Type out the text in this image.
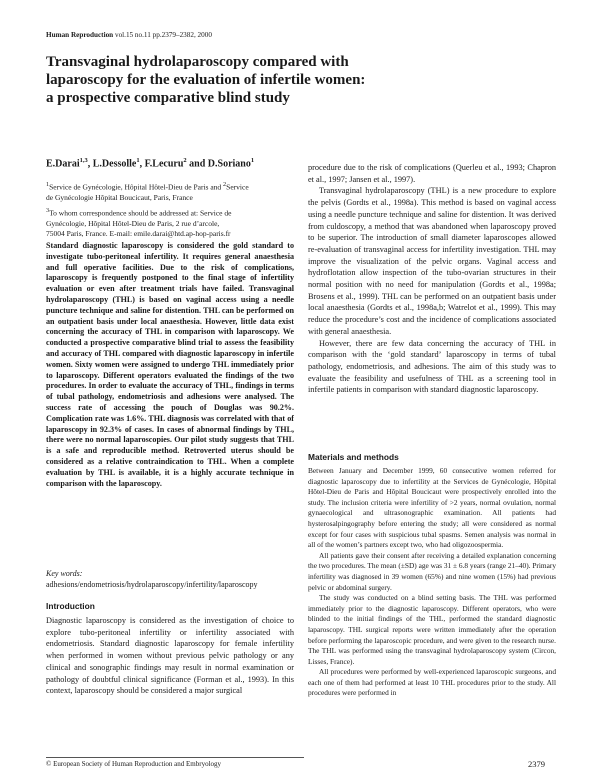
Human Reproduction vol.15 no.11 pp.2379–2382, 2000
Transvaginal hydrolaparoscopy compared with
laparoscopy for the evaluation of infertile women:
a prospective comparative blind study
E.Darai$^{1,3}$, L.Dessolle$^1$, F.Lecuru$^2$ and D.Soriano$^1$
$^1$Service de Gynécologie, Hôpital Hôtel-Dieu de Paris and $^2$Service
de Gynécologie Hôpital Boucicaut, Paris, France
$^3$To whom correspondence should be addressed at: Service de
Gynécologie, Hôpital Hôtel-Dieu de Paris, 2 rue d’arcole,
75004 Paris, France. E-mail: emile.darai@htd.ap-hop-paris.fr
Standard diagnostic laparoscopy is considered the gold standard to investigate tubo-peritoneal infertility. It requires general anaesthesia and full operative facilities. Due to the risk of complications, laparoscopy is frequently postponed to the final stage of infertility evaluation or even after treatment trials have failed. Transvaginal hydrolaparoscopy (THL) is based on vaginal access using a needle puncture technique and saline for distention. THL can be performed on an outpatient basis under local anaesthesia. However, little data exist concerning the accuracy of THL in comparison with laparoscopy. We conducted a prospective comparative blind trial to assess the feasibility and accuracy of THL compared with diagnostic laparoscopy in infertile women. Sixty women were assigned to undergo THL immediately prior to laparoscopy. Different operators evaluated the findings of the two procedures. In order to evaluate the accuracy of THL, findings in terms of tubal pathology, endometriosis and adhesions were analysed. The success rate of accessing the pouch of Douglas was 90.2%. Complication rate was 1.6%. THL diagnosis was correlated with that of laparoscopy in 92.3% of cases. In cases of abnormal findings by THL, there were no normal laparoscopies. Our pilot study suggests that THL is a safe and reproducible method. Retroverted uterus should be considered as a relative contraindication to THL. When a complete evaluation by THL is available, it is a highly accurate technique in comparison with the laparoscopy.
Key words: adhesions/endometriosis/hydrolaparoscopy/infertility/laparoscopy
Introduction

Diagnostic laparoscopy is considered as the investigation of choice to explore tubo-peritoneal infertility or infertility associated with endometriosis. Standard diagnostic laparoscopy for female infertility when performed in women without previous pelvic pathology or any clinical and sonographic findings may result in normal examination or pathology of doubtful clinical significance (Forman et al., 1993). In this context, laparoscopy should be considered a major surgical

procedure due to the risk of complications (Querleu et al., 1993; Chapron et al., 1997; Jansen et al., 1997).

Transvaginal hydrolaparoscopy (THL) is a new procedure to explore the pelvis (Gordts et al., 1998a). This method is based on vaginal access using a needle puncture technique and saline for distention. It was derived from culdoscopy, a method that was abandoned when laparoscopy proved to be superior. The introduction of small diameter laparoscopes allowed re-evaluation of transvaginal access for infertility investigation. THL may improve the visualization of the pelvic organs. Vaginal access and hydroflotation allow inspection of the tubo-ovarian structures in their normal position with no need for manipulation (Gordts et al., 1998a; Brosens et al., 1999). THL can be performed on an outpatient basis under local anaesthesia (Gordts et al., 1998a,b; Watrelot et al., 1999). This may reduce the procedure’s cost and the incidence of complications associated with general anaesthesia.

However, there are few data concerning the accuracy of THL in comparison with the ‘gold standard’ laparoscopy in terms of tubal pathology, endometriosis, and adhesions. The aim of this study was to evaluate the feasibility and usefulness of THL as a screening tool in infertile patients in comparison with standard diagnostic laparoscopy.

Materials and methods

Between January and December 1999, 60 consecutive women referred for diagnostic laparoscopy due to infertility at the Services de Gynécologie, Hôpital Hôtel-Dieu de Paris and Hôpital Boucicaut were prospectively enrolled into the study. The inclusion criteria were infertility of >2 years, normal ovulation, normal gynaecological and ultrasonographic examination. All patients had hysterosalpingography before entering the study; all were considered as normal except for four cases with suspicious tubal spasms. Semen analysis was normal in all of the women’s partners except two, who had oligozoospermia.

All patients gave their consent after receiving a detailed explanation concerning the two procedures. The mean (±SD) age was 31 ± 6.8 years (range 21–40). Primary infertility was diagnosed in 39 women (65%) and nine women (15%) had previous pelvic or abdominal surgery.

The study was conducted on a blind setting basis. The THL was performed immediately prior to the diagnostic laparoscopy. Different operators, who were blinded to the initial findings of the THL, performed the standard diagnostic laparoscopy. THL surgical reports were written immediately after the operation before performing the laparoscopic procedure, and were given to the research nurse. The THL was performed using the transvaginal hydrolaparoscopy system (Circon, Lisses, France).

All procedures were performed by well-experienced laparoscopic surgeons, and each one of them had performed at least 10 THL procedures prior to the study. All procedures were performed in

© European Society of Human Reproduction and Embryology	2379
